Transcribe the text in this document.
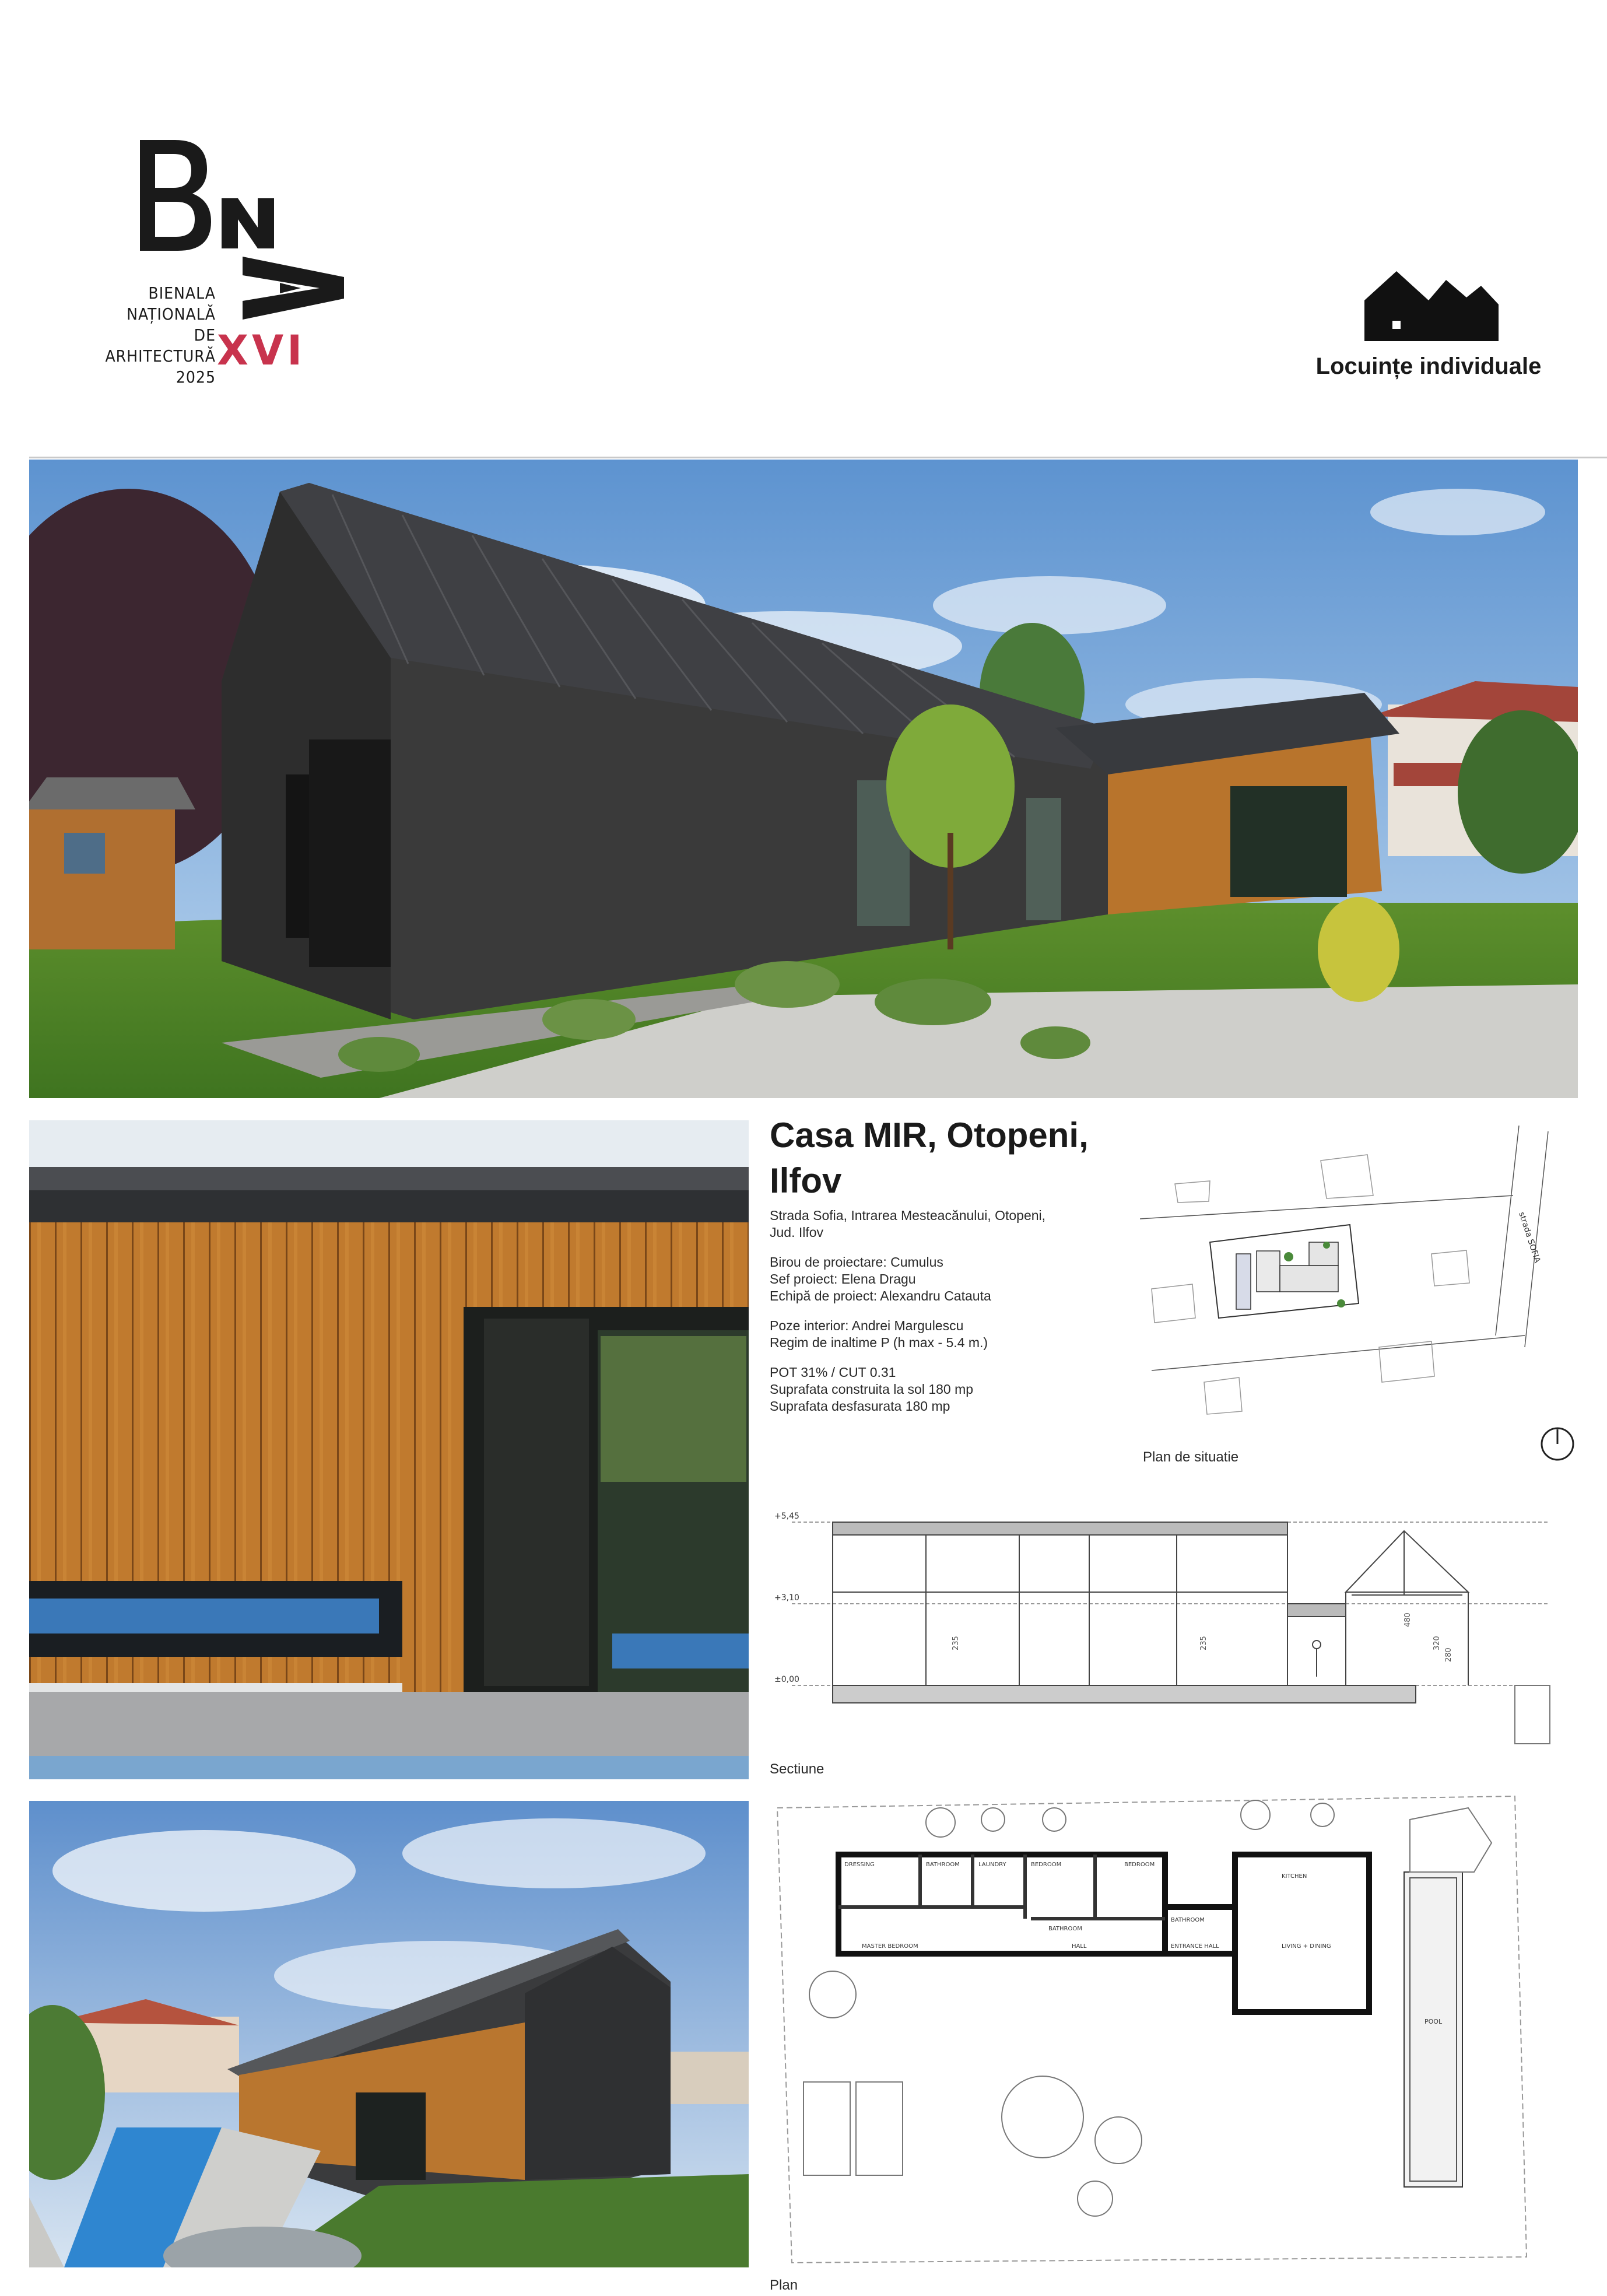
BIENALA
NAȚIONALĂ
DE
ARHITECTURĂ
2025
XVI	Locuințe individuale
Casa MIR, Otopeni,
Ilfov
Strada Sofia, Intrarea Mesteacănului, Otopeni,
Jud. Ilfov
Birou de proiectare: Cumulus
Sef proiect: Elena Dragu
Echipă de proiect: Alexandru Catauta
Poze interior: Andrei Margulescu
Regim de inaltime P (h max - 5.4 m.)
POT 31% / CUT 0.31
Suprafata construita la sol 180 mp
Suprafata desfasurata 180 mp
strada SOFIA
Plan de situatie
+5,45
+3,10
±0,00
235	235
480
320
280
Sectiune
DRESSING	BATHROOM	LAUNDRY	BEDROOM	BEDROOM
KITCHEN
BATHROOM
BATHROOM
MASTER BEDROOM	HALL	ENTRANCE HALL	LIVING + DINING
POOL
Plan
